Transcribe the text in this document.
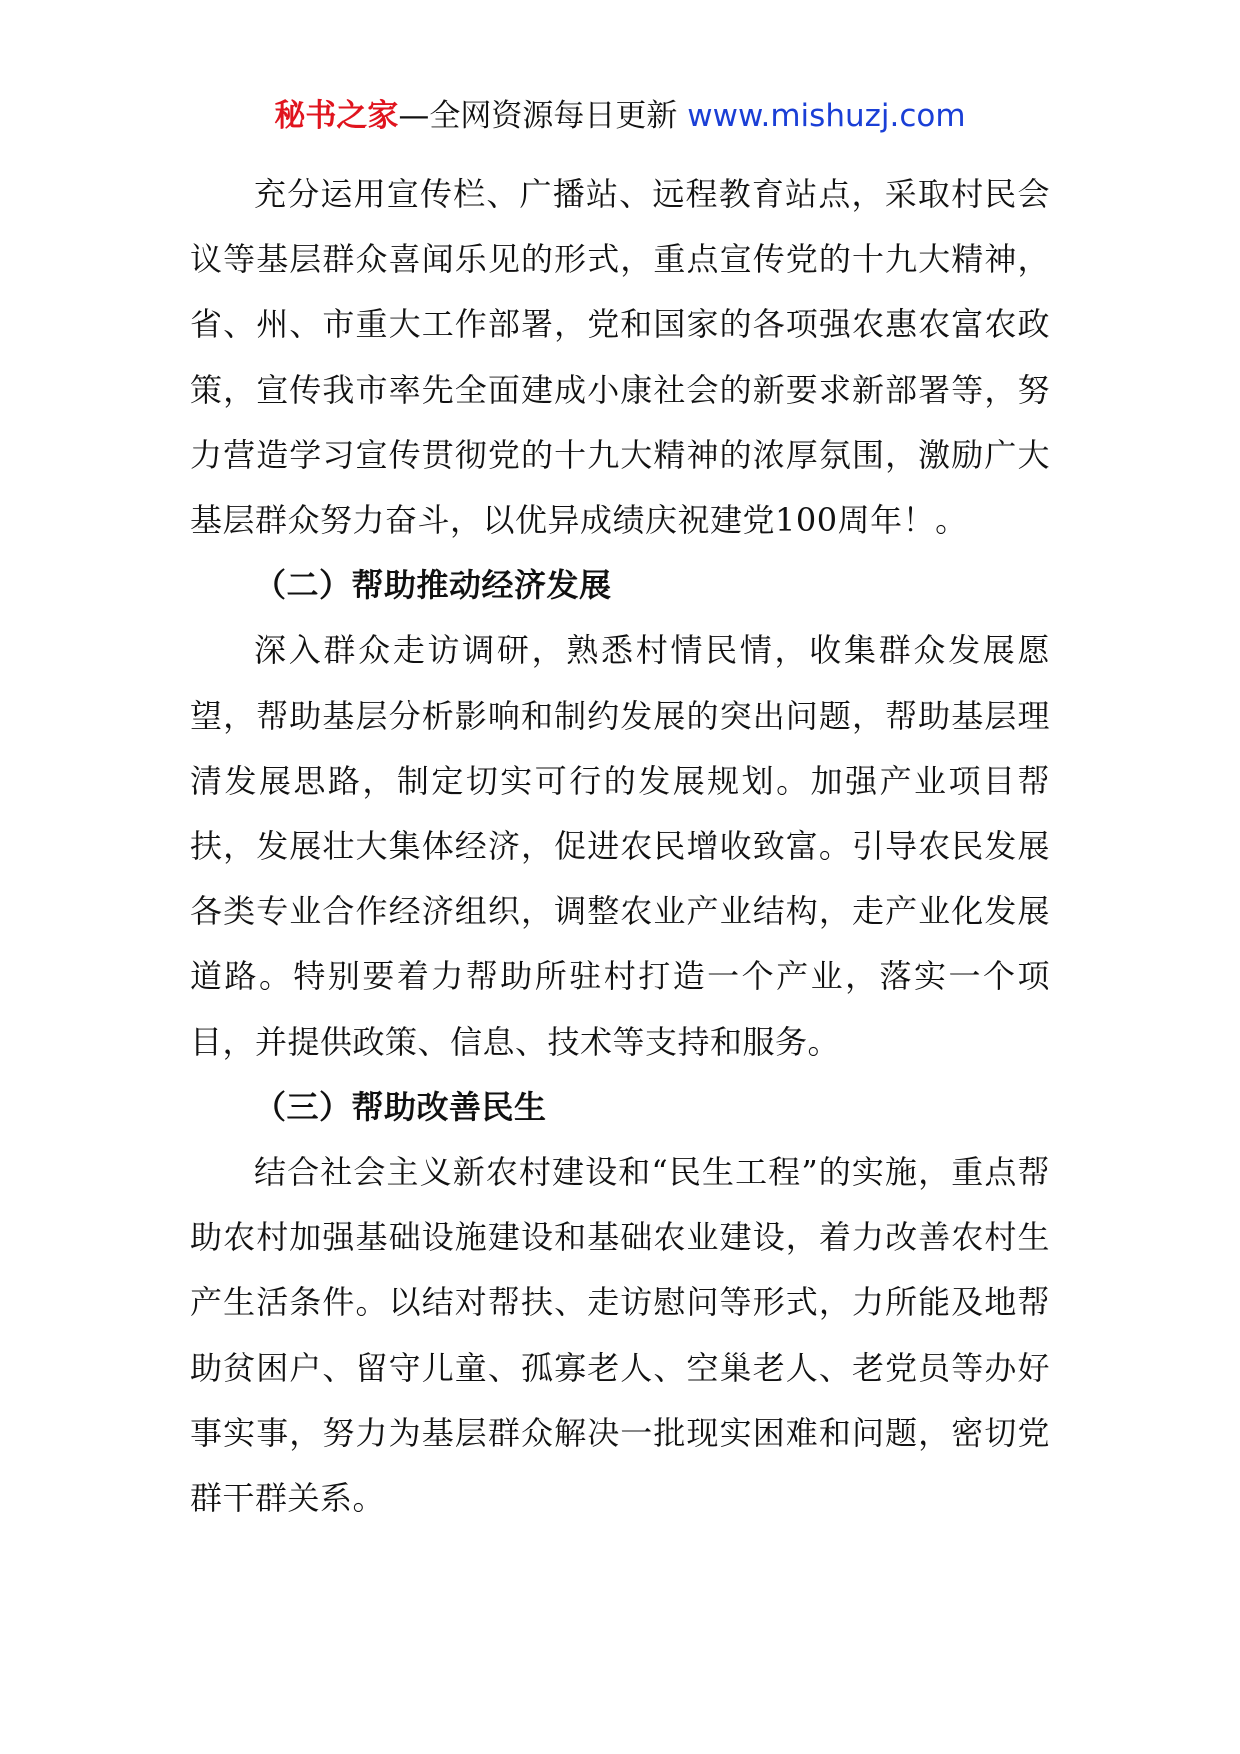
秘书之家—全网资源每日更新 www.mishuzj.com

充分运用宣传栏、广播站、远程教育站点，采取村民会议等基层群众喜闻乐见的形式，重点宣传党的十九大精神，省、州、市重大工作部署，党和国家的各项强农惠农富农政策，宣传我市率先全面建成小康社会的新要求新部署等，努力营造学习宣传贯彻党的十九大精神的浓厚氛围，激励广大基层群众努力奋斗，以优异成绩庆祝建党100周年！。

（二）帮助推动经济发展

深入群众走访调研，熟悉村情民情，收集群众发展愿望，帮助基层分析影响和制约发展的突出问题，帮助基层理清发展思路，制定切实可行的发展规划。加强产业项目帮扶，发展壮大集体经济，促进农民增收致富。引导农民发展各类专业合作经济组织，调整农业产业结构，走产业化发展道路。特别要着力帮助所驻村打造一个产业，落实一个项目，并提供政策、信息、技术等支持和服务。

（三）帮助改善民生

结合社会主义新农村建设和“民生工程”的实施，重点帮助农村加强基础设施建设和基础农业建设，着力改善农村生产生活条件。以结对帮扶、走访慰问等形式，力所能及地帮助贫困户、留守儿童、孤寡老人、空巢老人、老党员等办好事实事，努力为基层群众解决一批现实困难和问题，密切党群干群关系。
